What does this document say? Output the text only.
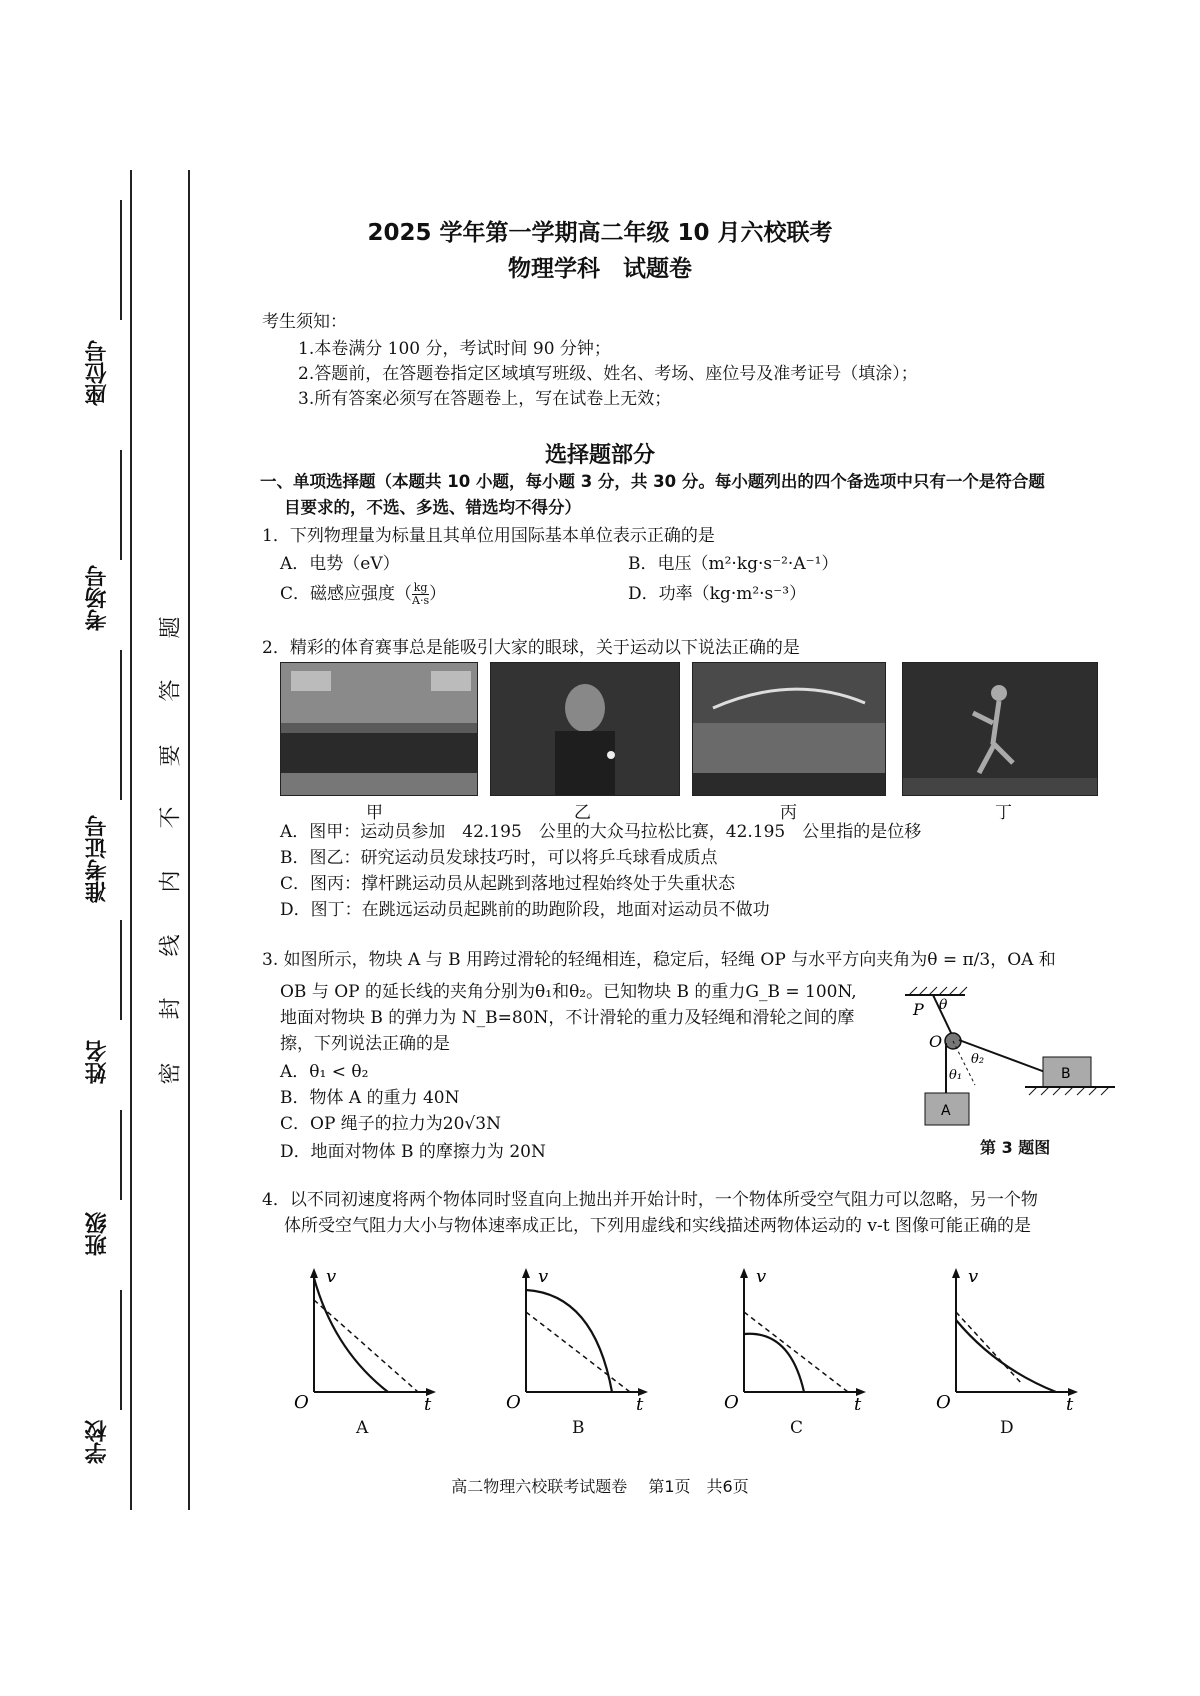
座位号
考场号
准考证号
姓名
班级
学校
题
答
要
不
内
线
封
密
2025 学年第一学期高二年级 10 月六校联考
物理学科　试题卷
考生须知：
1.本卷满分 100 分，考试时间 90 分钟；
2.答题前，在答题卷指定区域填写班级、姓名、考场、座位号及准考证号（填涂）；
3.所有答案必须写在答题卷上，写在试卷上无效；
选择题部分
一、单项选择题（本题共 10 小题，每小题 3 分，共 30 分。每小题列出的四个备选项中只有一个是符合题
目要求的，不选、多选、错选均不得分）
1．下列物理量为标量且其单位用国际基本单位表示正确的是
A．电势（eV）	B．电压（m²·kg·s⁻²·A⁻¹）
C．磁感应强度（ $\frac{kg}{A\cdot s}$ ）	D．功率（kg·m²·s⁻³）
2．精彩的体育赛事总是能吸引大家的眼球，关于运动以下说法正确的是
甲	乙	丙	丁
A．图甲：运动员参加　42.195　公里的大众马拉松比赛，42.195　公里指的是位移
B．图乙：研究运动员发球技巧时，可以将乒乓球看成质点
C．图丙：撑杆跳运动员从起跳到落地过程始终处于失重状态
D．图丁：在跳远运动员起跳前的助跑阶段，地面对运动员不做功
3. 如图所示，物块 A 与 B 用跨过滑轮的轻绳相连，稳定后，轻绳 OP 与水平方向夹角为θ = π/3，OA 和
OB 与 OP 的延长线的夹角分别为θ₁和θ₂。已知物块 B 的重力G_B = 100N,
地面对物块 B 的弹力为 N_B=80N，不计滑轮的重力及轻绳和滑轮之间的摩
擦，下列说法正确的是
A．θ₁ < θ₂
B．物体 A 的重力 40N
C．OP 绳子的拉力为20√3N
D．地面对物体 B 的摩擦力为 20N
P θ
O
θ₂
θ₁
A
B
第 3 题图
4．以不同初速度将两个物体同时竖直向上抛出并开始计时，一个物体所受空气阻力可以忽略，另一个物
体所受空气阻力大小与物体速率成正比，下列用虚线和实线描述两物体运动的 v-t 图像可能正确的是
v
t
O
v
t
O
v
t
O
v
t
O
A	B	C	D
高二物理六校联考试题卷　 第1页　共6页
